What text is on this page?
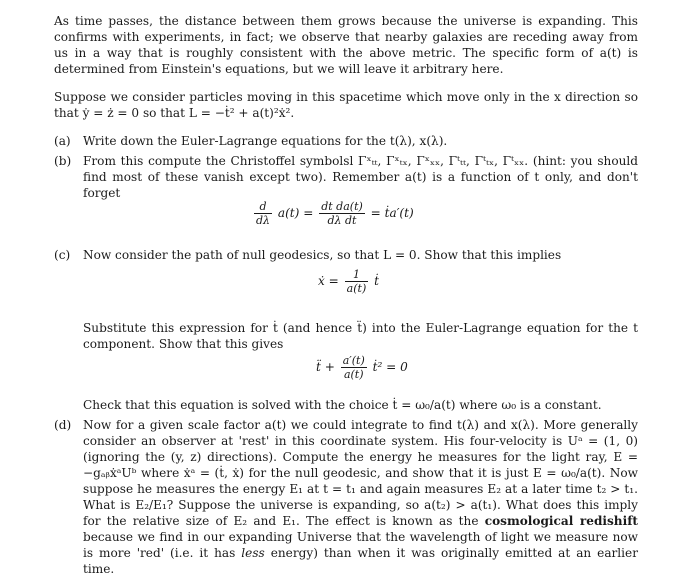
As time passes, the distance between them grows because the universe is expanding. This confirms with experiments, in fact; we observe that nearby galaxies are receding away from us in a way that is roughly consistent with the above metric. The specific form of a(t) is determined from Einstein's equations, but we will leave it arbitrary here.

Suppose we consider particles moving in this spacetime which move only in the x direction so that ẏ = ż = 0 so that L = −ṫ² + a(t)²ẋ².

(a)	Write down the Euler-Lagrange equations for the t(λ), x(λ).
(b) From this compute the Christoffel symbolsl Γˣₜₜ, Γˣₜₓ, Γˣₓₓ, Γᵗₜₜ, Γᵗₜₓ, Γᵗₓₓ. (hint: you should find most of these vanish except two). Remember a(t) is a function of t only, and don't forget
$\frac{d}{d\lambda} a(t) = \frac{\text{dt da(t)}}{\text{dλ dt}}$ = ṫa′(t)
(c)	Now consider the path of null geodesics, so that L = 0. Show that this implies
ẋ = $\frac{1}{a(t)}$ ṫ
Substitute this expression for ṫ (and hence ẗ) into the Euler-Lagrange equation for the t component. Show that this gives
ẗ + $\frac{a'(t)}{a(t)}$ ṫ² = 0
Check that this equation is solved with the choice ṫ = ω₀/a(t) where ω₀ is a constant.
(d) Now for a given scale factor a(t) we could integrate to find t(λ) and x(λ). More generally consider an observer at 'rest' in this coordinate system. His four-velocity is Uᵃ = (1, 0) (ignoring the (y, z) directions). Compute the energy he measures for the light ray, E = −gₐᵦẋᵃUᵇ where ẋᵃ = (ṫ, ẋ) for the null geodesic, and show that it is just E = ω₀/a(t). Now suppose he measures the energy E₁ at t = t₁ and again measures E₂ at a later time t₂ > t₁. What is E₂/E₁? Suppose the universe is expanding, so a(t₂) > a(t₁). What does this imply for the relative size of E₂ and E₁. The effect is known as the cosmological redishift because we find in our expanding Universe that the wavelength of light we measure now is more 'red' (i.e. it has less energy) than when it was originally emitted at an earlier time.
